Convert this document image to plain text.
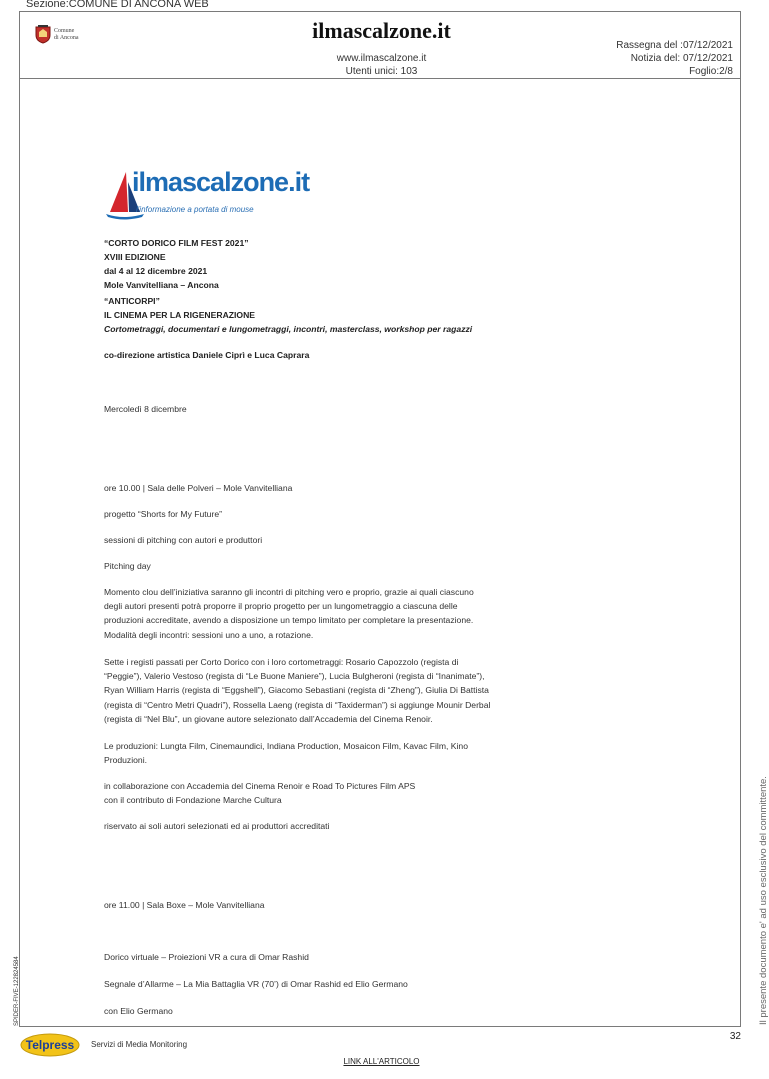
Sezione:COMUNE DI ANCONA WEB
Comune
di Ancona	ilmascalzone.it
www.ilmascalzone.it
Utenti unici: 103
Rassegna del :07/12/2021
Notizia del: 07/12/2021
Foglio:2/8
ilmascalzone.it
l'informazione a portata di mouse
“CORTO DORICO FILM FEST 2021”
XVIII EDIZIONE
dal 4 al 12 dicembre 2021
Mole Vanvitelliana – Ancona
“ANTICORPI”
IL CINEMA PER LA RIGENERAZIONE
Cortometraggi, documentari e lungometraggi, incontri, masterclass, workshop per ragazzi
co-direzione artistica Daniele Ciprì e Luca Caprara
Mercoledì 8 dicembre
ore 10.00 | Sala delle Polveri – Mole Vanvitelliana
progetto “Shorts for My Future”
sessioni di pitching con autori e produttori
Pitching day
Momento clou dell’iniziativa saranno gli incontri di pitching vero e proprio, grazie ai quali ciascuno
degli autori presenti potrà proporre il proprio progetto per un lungometraggio a ciascuna delle
produzioni accreditate, avendo a disposizione un tempo limitato per completare la presentazione.
Modalità degli incontri: sessioni uno a uno, a rotazione.
Sette i registi passati per Corto Dorico con i loro cortometraggi: Rosario Capozzolo (regista di
“Peggie”), Valerio Vestoso (regista di “Le Buone Maniere”), Lucia Bulgheroni (regista di “Inanimate”),
Ryan William Harris (regista di “Eggshell”), Giacomo Sebastiani (regista di “Zheng”), Giulia Di Battista
(regista di “Centro Metri Quadri”), Rossella Laeng (regista di “Taxiderman”) si aggiunge Mounir Derbal
(regista di “Nel Blu”, un giovane autore selezionato dall’Accademia del Cinema Renoir.
Le produzioni: Lungta Film, Cinemaundici, Indiana Production, Mosaicon Film, Kavac Film, Kino
Produzioni.
in collaborazione con Accademia del Cinema Renoir e Road To Pictures Film APS
con il contributo di Fondazione Marche Cultura
riservato ai soli autori selezionati ed ai produttori accreditati
ore 11.00 | Sala Boxe – Mole Vanvitelliana
Dorico virtuale – Proiezioni VR a cura di Omar Rashid
Segnale d’Allarme – La Mia Battaglia VR (70’) di Omar Rashid ed Elio Germano
con Elio Germano	Il presente documento e' ad uso esclusivo del committente.
SPIDER-FIVE-122824584
32
Telpress Servizi di Media Monitoring
LINK ALL'ARTICOLO
